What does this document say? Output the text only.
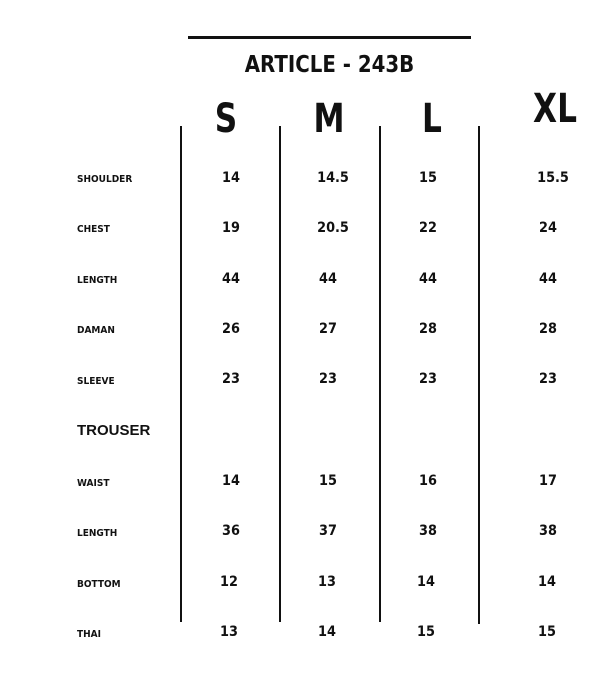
ARTICLE - 243B
S	M	L	XL
SHOULDER	14	14.5	15	15.5
CHEST	19	20.5	22	24
LENGTH	44	44	44	44
DAMAN	26	27	28	28
SLEEVE	23	23	23	23
TROUSER
WAIST	14	15	16	17
LENGTH	36	37	38	38
BOTTOM	12	13	14	14
THAI	13	14	15	15
